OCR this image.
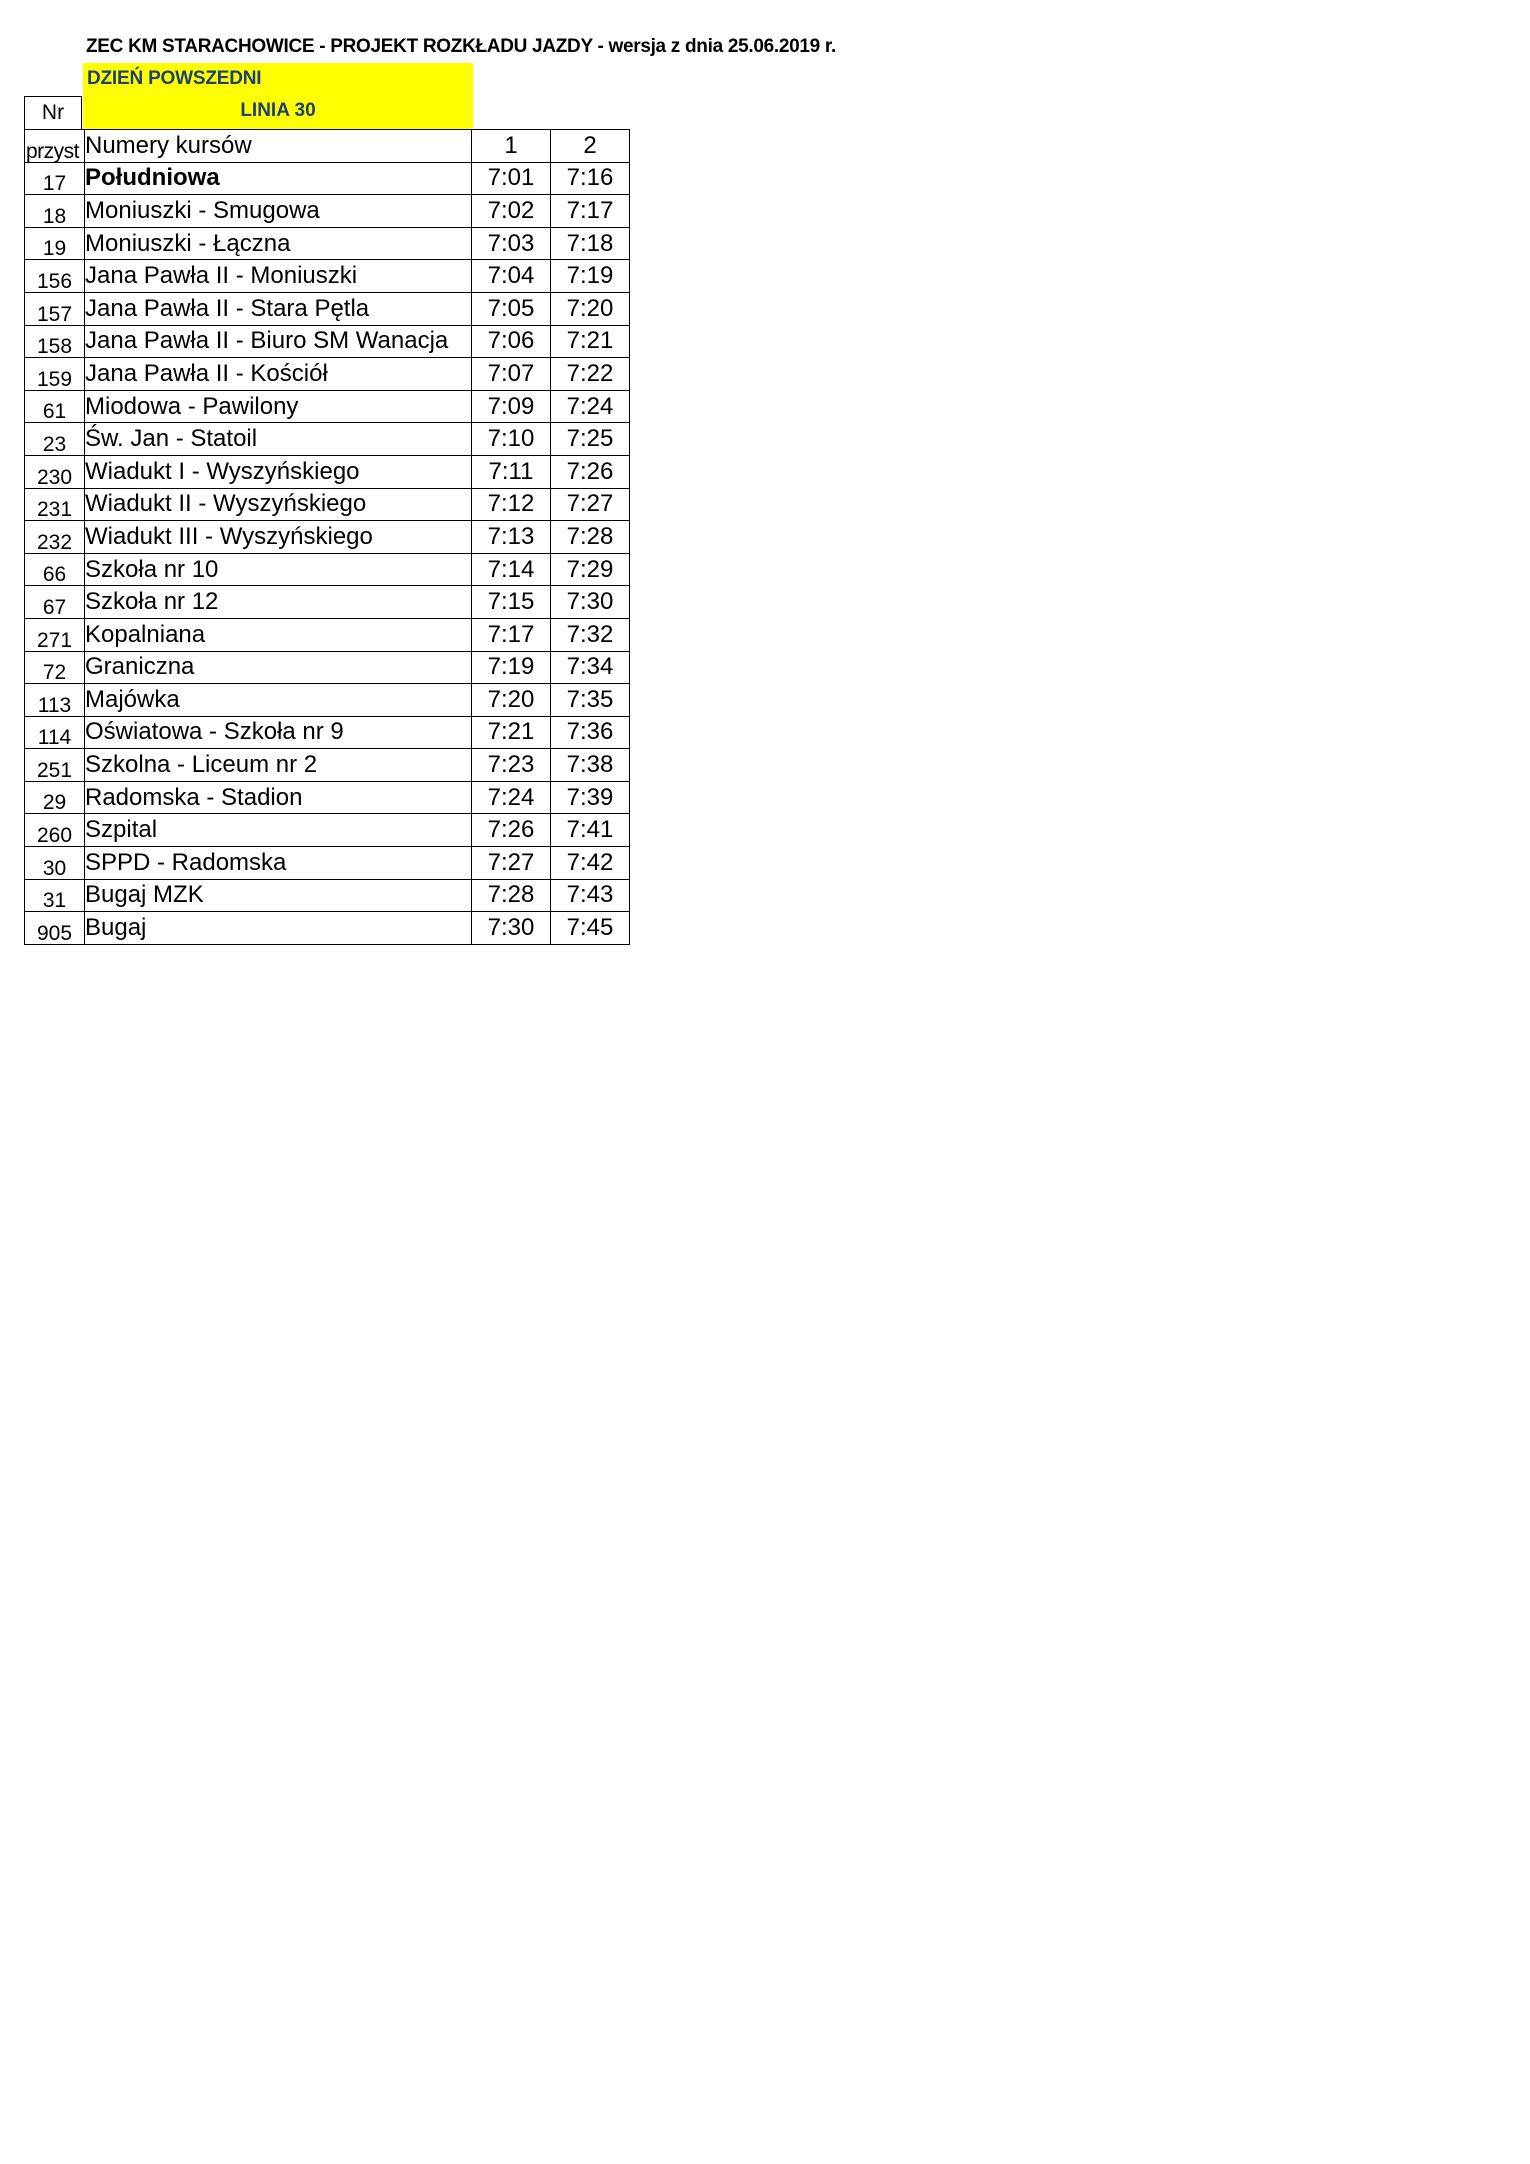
ZEC KM STARACHOWICE - PROJEKT ROZKŁADU JAZDY - wersja z dnia 25.06.2019 r.
DZIEŃ POWSZEDNI
LINIA 30
Nr
przyst	Numery kursów	1	2
17	Południowa	7:01	7:16
18	Moniuszki - Smugowa	7:02	7:17
19	Moniuszki - Łączna	7:03	7:18
156	Jana Pawła II - Moniuszki	7:04	7:19
157	Jana Pawła II - Stara Pętla	7:05	7:20
158	Jana Pawła II - Biuro SM Wanacja	7:06	7:21
159	Jana Pawła II - Kościół	7:07	7:22
61	Miodowa - Pawilony	7:09	7:24
23	Św. Jan - Statoil	7:10	7:25
230	Wiadukt I - Wyszyńskiego	7:11	7:26
231	Wiadukt II - Wyszyńskiego	7:12	7:27
232	Wiadukt III - Wyszyńskiego	7:13	7:28
66	Szkoła nr 10	7:14	7:29
67	Szkoła nr 12	7:15	7:30
271	Kopalniana	7:17	7:32
72	Graniczna	7:19	7:34
113	Majówka	7:20	7:35
114	Oświatowa - Szkoła nr 9	7:21	7:36
251	Szkolna - Liceum nr 2	7:23	7:38
29	Radomska - Stadion	7:24	7:39
260	Szpital	7:26	7:41
30	SPPD - Radomska	7:27	7:42
31	Bugaj MZK	7:28	7:43
905	Bugaj	7:30	7:45
